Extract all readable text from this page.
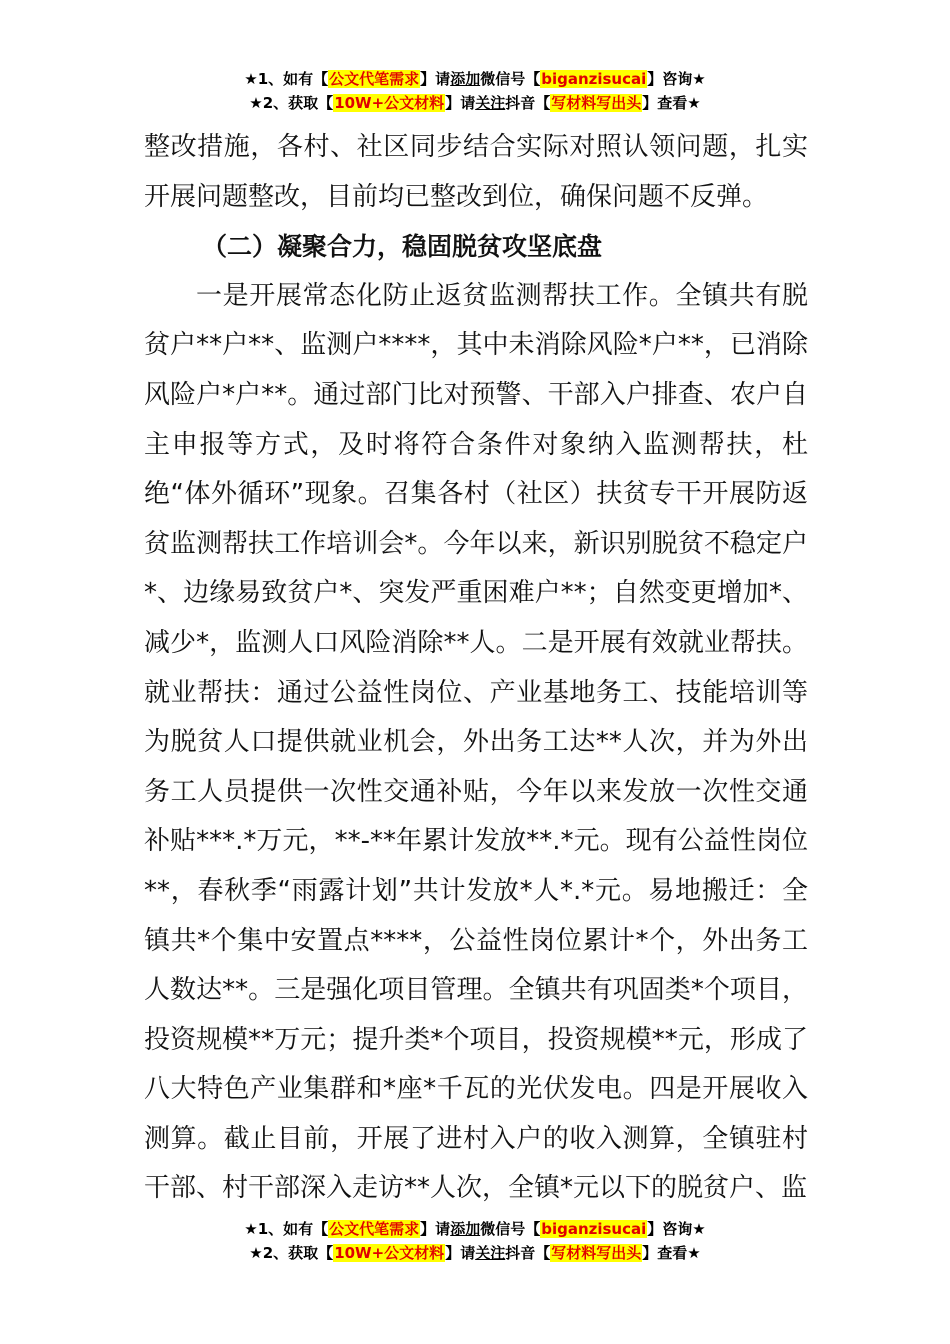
★1、如有【公文代笔需求】请添加微信号【biganzisucai】咨询★
★2、获取【10W+公文材料】请关注抖音【写材料写出头】查看★

整改措施，各村、社区同步结合实际对照认领问题，扎实开展问题整改，目前均已整改到位，确保问题不反弹。

（二）凝聚合力，稳固脱贫攻坚底盘

一是开展常态化防止返贫监测帮扶工作。全镇共有脱贫户**户**、监测户****，其中未消除风险*户**，已消除风险户*户**。通过部门比对预警、干部入户排查、农户自主申报等方式，及时将符合条件对象纳入监测帮扶，杜绝“体外循环”现象。召集各村（社区）扶贫专干开展防返贫监测帮扶工作培训会*。今年以来，新识别脱贫不稳定户*、边缘易致贫户*、突发严重困难户**；自然变更增加*、减少*，监测人口风险消除**人。二是开展有效就业帮扶。就业帮扶：通过公益性岗位、产业基地务工、技能培训等为脱贫人口提供就业机会，外出务工达**人次，并为外出务工人员提供一次性交通补贴，今年以来发放一次性交通补贴***.*万元，**-**年累计发放**.*元。现有公益性岗位**，春秋季“雨露计划”共计发放*人*.*元。易地搬迁：全镇共*个集中安置点****，公益性岗位累计*个，外出务工人数达**。三是强化项目管理。全镇共有巩固类*个项目，投资规模**万元；提升类*个项目，投资规模**元，形成了八大特色产业集群和*座*千瓦的光伏发电。四是开展收入测算。截止目前，开展了进村入户的收入测算，全镇驻村干部、村干部深入走访**人次，全镇*元以下的脱贫户、监

★1、如有【公文代笔需求】请添加微信号【biganzisucai】咨询★
★2、获取【10W+公文材料】请关注抖音【写材料写出头】查看★
